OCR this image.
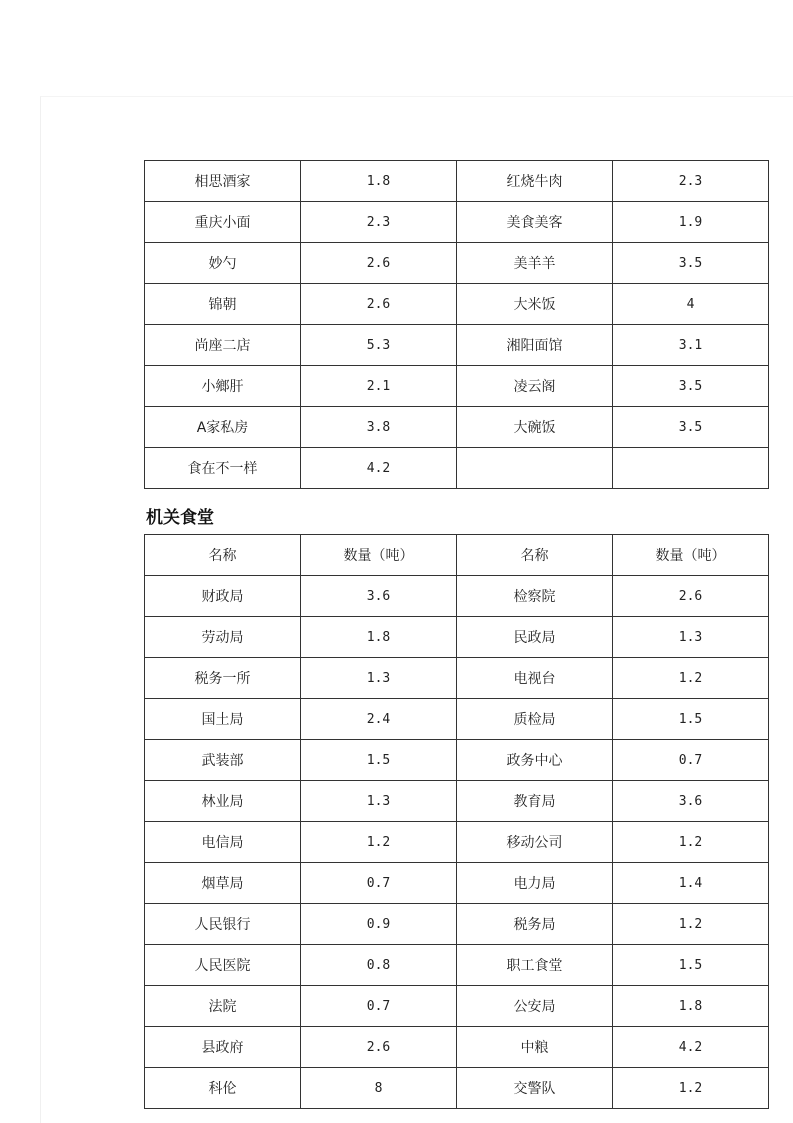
相思酒家	1.8	红烧牛肉	2.3
重庆小面	2.3	美食美客	1.9
妙勺	2.6	美羊羊	3.5
锦朝	2.6	大米饭	4
尚座二店	5.3	湘阳面馆	3.1
小鄉肝	2.1	凌云阁	3.5
A家私房	3.8	大碗饭	3.5
食在不一样	4.2		
机关食堂
名称	数量（吨）	名称	数量（吨）
财政局	3.6	检察院	2.6
劳动局	1.8	民政局	1.3
税务一所	1.3	电视台	1.2
国土局	2.4	质检局	1.5
武装部	1.5	政务中心	0.7
林业局	1.3	教育局	3.6
电信局	1.2	移动公司	1.2
烟草局	0.7	电力局	1.4
人民银行	0.9	税务局	1.2
人民医院	0.8	职工食堂	1.5
法院	0.7	公安局	1.8
县政府	2.6	中粮	4.2
科伦	8	交警队	1.2
